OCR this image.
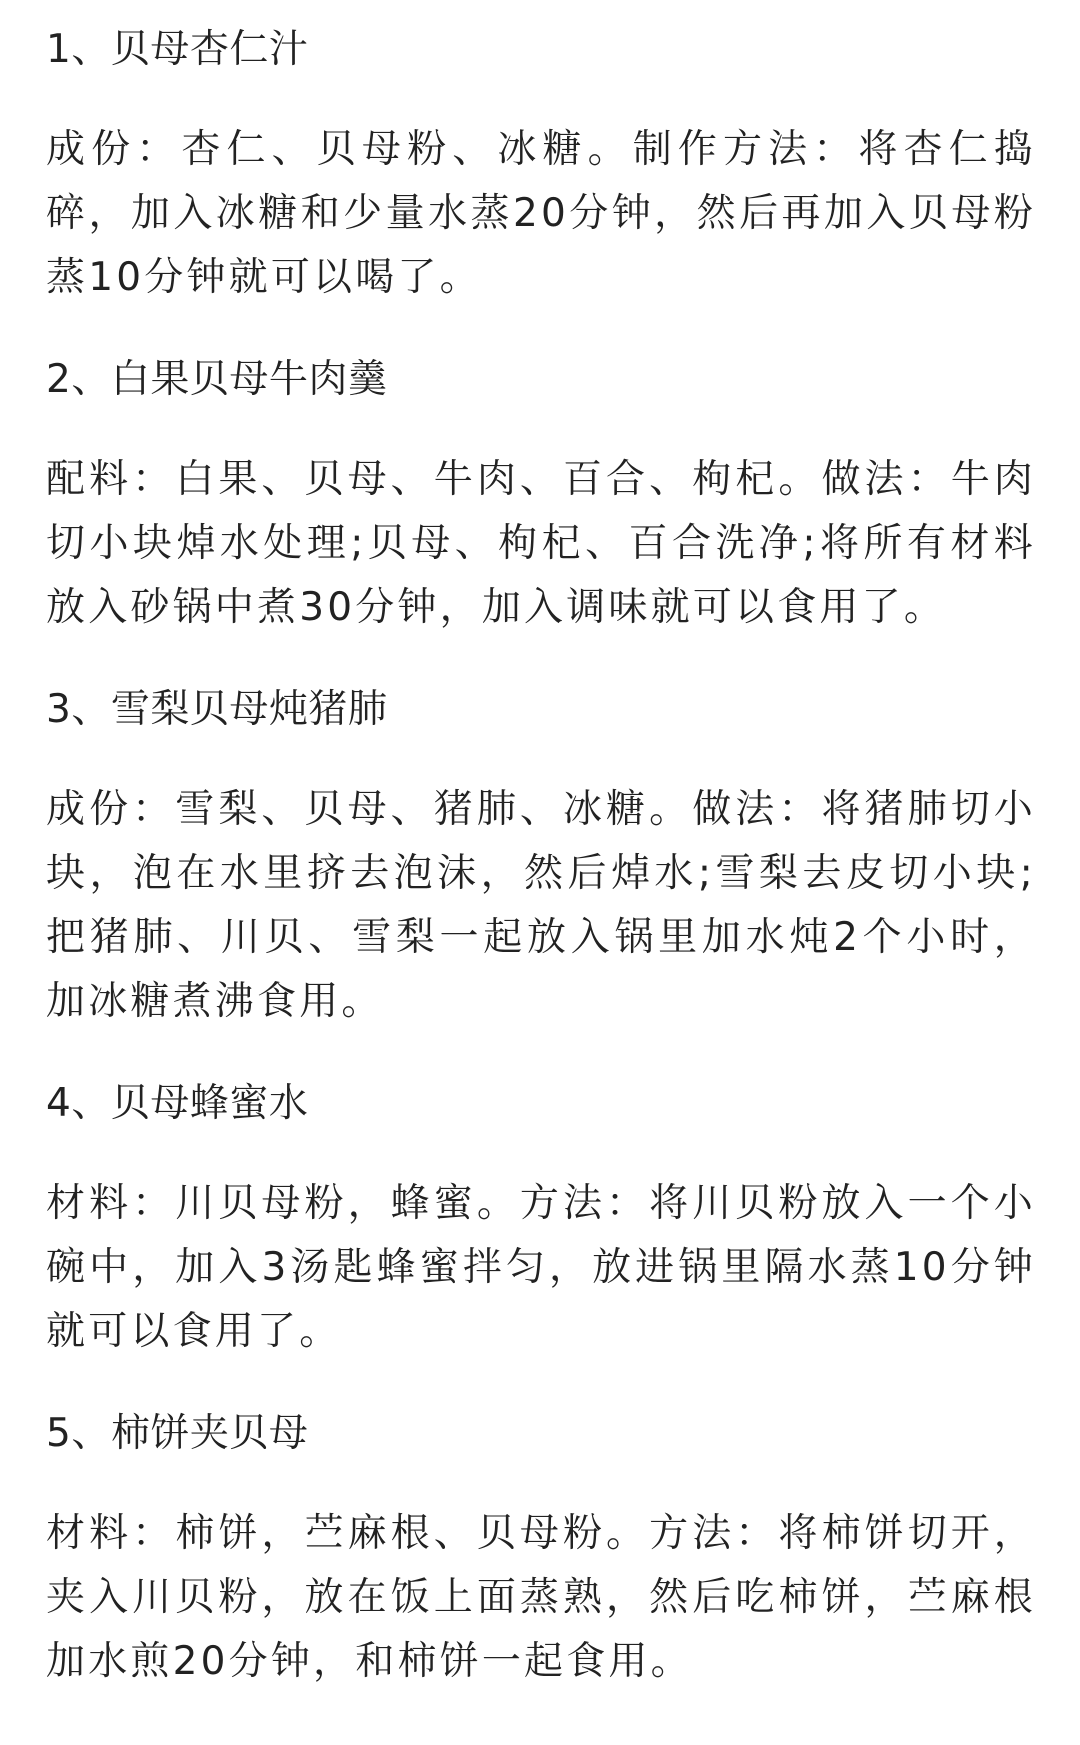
1、贝母杏仁汁

成份：杏仁、贝母粉、冰糖。制作方法：将杏仁捣碎，加入冰糖和少量水蒸20分钟，然后再加入贝母粉蒸10分钟就可以喝了。

2、白果贝母牛肉羹

配料：白果、贝母、牛肉、百合、枸杞。做法：牛肉切小块焯水处理;贝母、枸杞、百合洗净;将所有材料放入砂锅中煮30分钟，加入调味就可以食用了。

3、雪梨贝母炖猪肺

成份：雪梨、贝母、猪肺、冰糖。做法：将猪肺切小块，泡在水里挤去泡沫，然后焯水;雪梨去皮切小块;把猪肺、川贝、雪梨一起放入锅里加水炖2个小时，加冰糖煮沸食用。

4、贝母蜂蜜水

材料：川贝母粉，蜂蜜。方法：将川贝粉放入一个小碗中，加入3汤匙蜂蜜拌匀，放进锅里隔水蒸10分钟就可以食用了。

5、柿饼夹贝母

材料：柿饼，苎麻根、贝母粉。方法：将柿饼切开，夹入川贝粉，放在饭上面蒸熟，然后吃柿饼，苎麻根加水煎20分钟，和柿饼一起食用。
